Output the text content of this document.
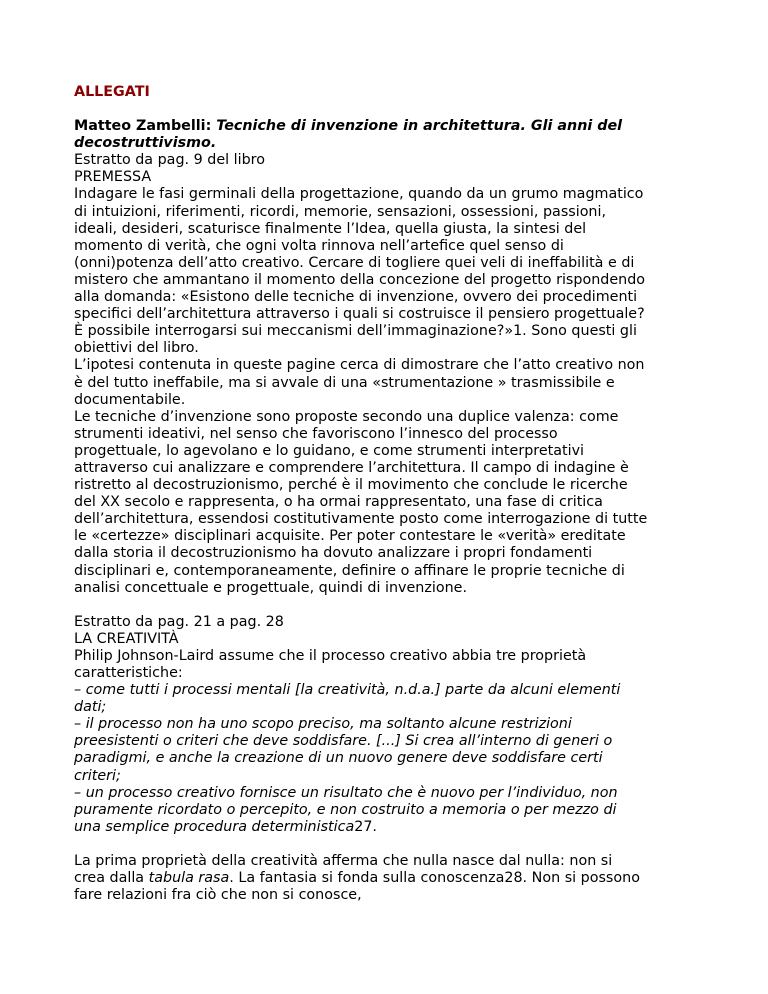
ALLEGATI
Matteo Zambelli: Tecniche di invenzione in architettura. Gli anni del
decostruttivismo.
Estratto da pag. 9 del libro
PREMESSA
Indagare le fasi germinali della progettazione, quando da un grumo magmatico
di intuizioni, riferimenti, ricordi, memorie, sensazioni, ossessioni, passioni,
ideali, desideri, scaturisce finalmente l’Idea, quella giusta, la sintesi del
momento di verità, che ogni volta rinnova nell’artefice quel senso di
(onni)potenza dell’atto creativo. Cercare di togliere quei veli di ineffabilità e di
mistero che ammantano il momento della concezione del progetto rispondendo
alla domanda: «Esistono delle tecniche di invenzione, ovvero dei procedimenti
specifici dell’architettura attraverso i quali si costruisce il pensiero progettuale?
È possibile interrogarsi sui meccanismi dell’immaginazione?»1. Sono questi gli
obiettivi del libro.
L’ipotesi contenuta in queste pagine cerca di dimostrare che l’atto creativo non
è del tutto ineffabile, ma si avvale di una «strumentazione » trasmissibile e
documentabile.
Le tecniche d’invenzione sono proposte secondo una duplice valenza: come
strumenti ideativi, nel senso che favoriscono l’innesco del processo
progettuale, lo agevolano e lo guidano, e come strumenti interpretativi
attraverso cui analizzare e comprendere l’architettura. Il campo di indagine è
ristretto al decostruzionismo, perché è il movimento che conclude le ricerche
del XX secolo e rappresenta, o ha ormai rappresentato, una fase di critica
dell’architettura, essendosi costitutivamente posto come interrogazione di tutte
le «certezze» disciplinari acquisite. Per poter contestare le «verità» ereditate
dalla storia il decostruzionismo ha dovuto analizzare i propri fondamenti
disciplinari e, contemporaneamente, definire o affinare le proprie tecniche di
analisi concettuale e progettuale, quindi di invenzione.
Estratto da pag. 21 a pag. 28
LA CREATIVITÀ
Philip Johnson-Laird assume che il processo creativo abbia tre proprietà
caratteristiche:
– come tutti i processi mentali [la creatività, n.d.a.] parte da alcuni elementi
dati;
– il processo non ha uno scopo preciso, ma soltanto alcune restrizioni
preesistenti o criteri che deve soddisfare. [...] Si crea all’interno di generi o
paradigmi, e anche la creazione di un nuovo genere deve soddisfare certi
criteri;
– un processo creativo fornisce un risultato che è nuovo per l’individuo, non
puramente ricordato o percepito, e non costruito a memoria o per mezzo di
una semplice procedura deterministica27.
La prima proprietà della creatività afferma che nulla nasce dal nulla: non si
crea dalla tabula rasa. La fantasia si fonda sulla conoscenza28. Non si possono
fare relazioni fra ciò che non si conosce,
